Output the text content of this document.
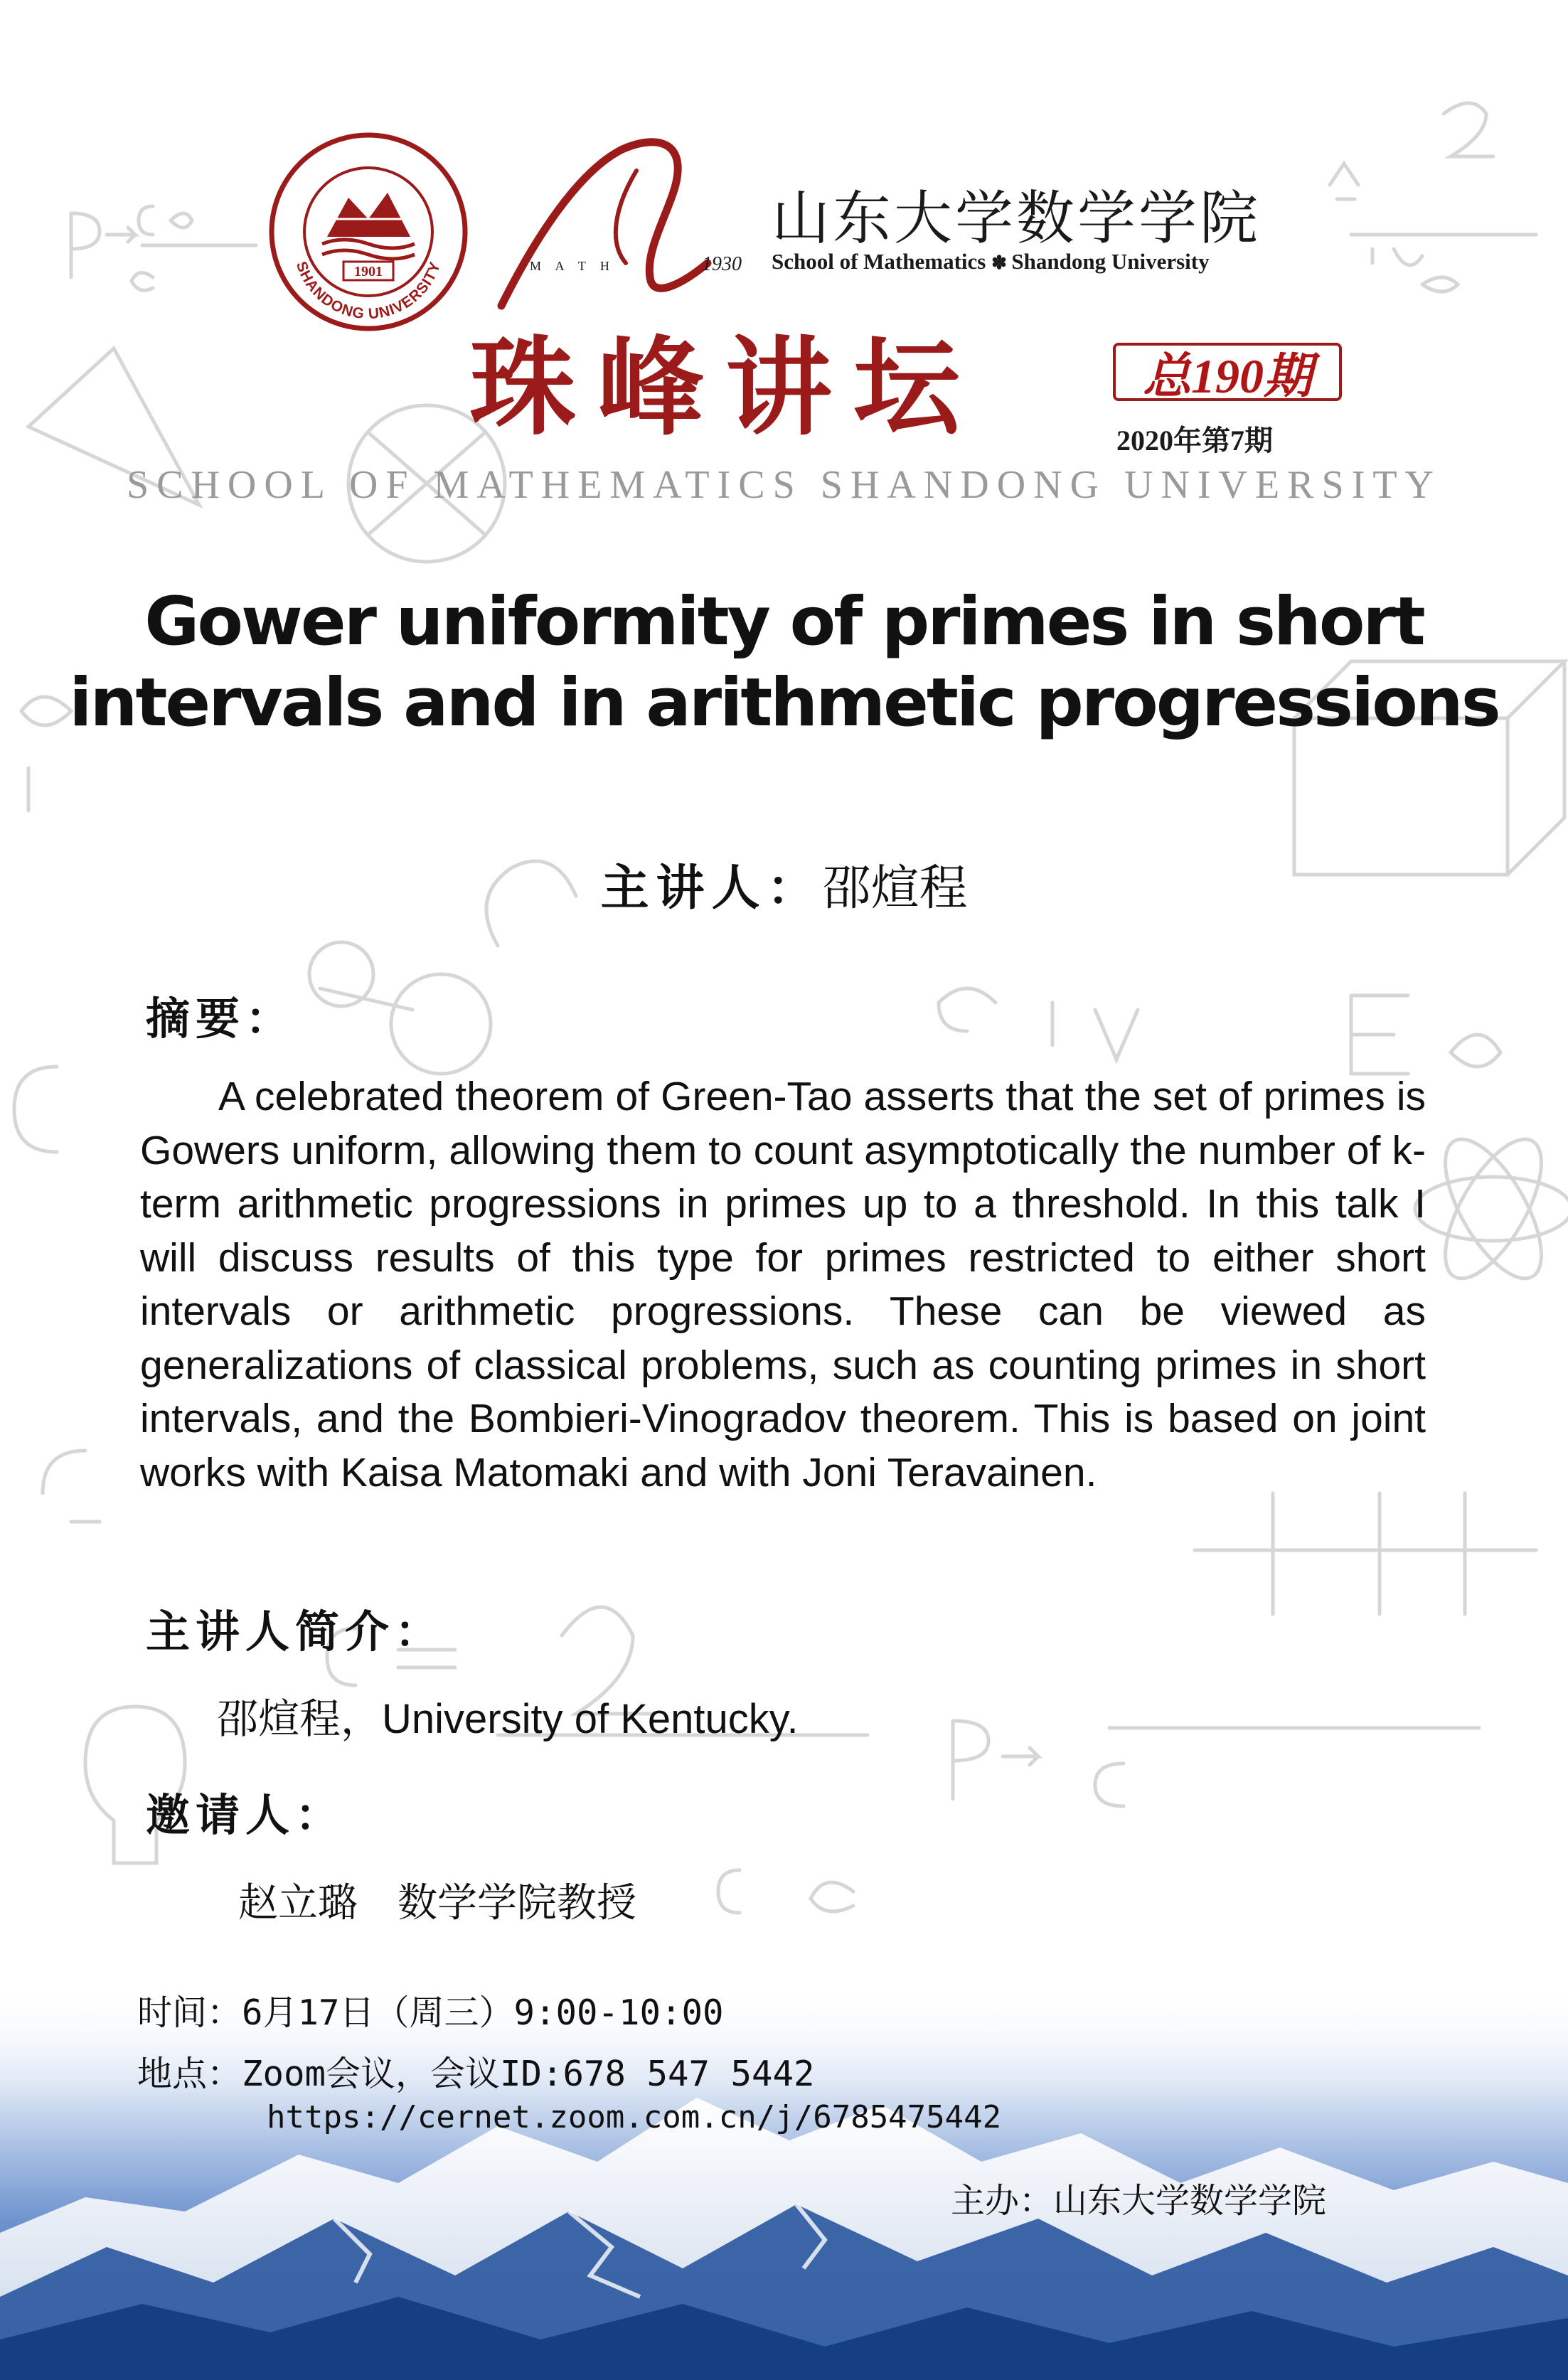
1901
SHANDONG UNIVERSITY	M A T H	1930
山东大学数学学院
School of Mathematics ✽ Shandong University
珠峰讲坛	总190期
2020年第7期
SCHOOL OF MATHEMATICS SHANDONG UNIVERSITY
Gower uniformity of primes in short intervals and in arithmetic progressions
主讲人：邵煊程
摘要：
A celebrated theorem of Green-Tao asserts that the set of primes is Gowers uniform, allowing them to count asymptotically the number of k-term arithmetic progressions in primes up to a threshold. In this talk I will discuss results of this type for primes restricted to either short intervals or arithmetic progressions. These can be viewed as generalizations of classical problems, such as counting primes in short intervals, and the Bombieri-Vinogradov theorem. This is based on joint works with Kaisa Matomaki and with Joni Teravainen.
主讲人简介：
邵煊程，University of Kentucky.
邀请人：
赵立璐 数学学院教授
时间：6月17日（周三）9:00-10:00
地点：Zoom会议，会议ID:678 547 5442
https://cernet.zoom.com.cn/j/6785475442
主办：山东大学数学学院
